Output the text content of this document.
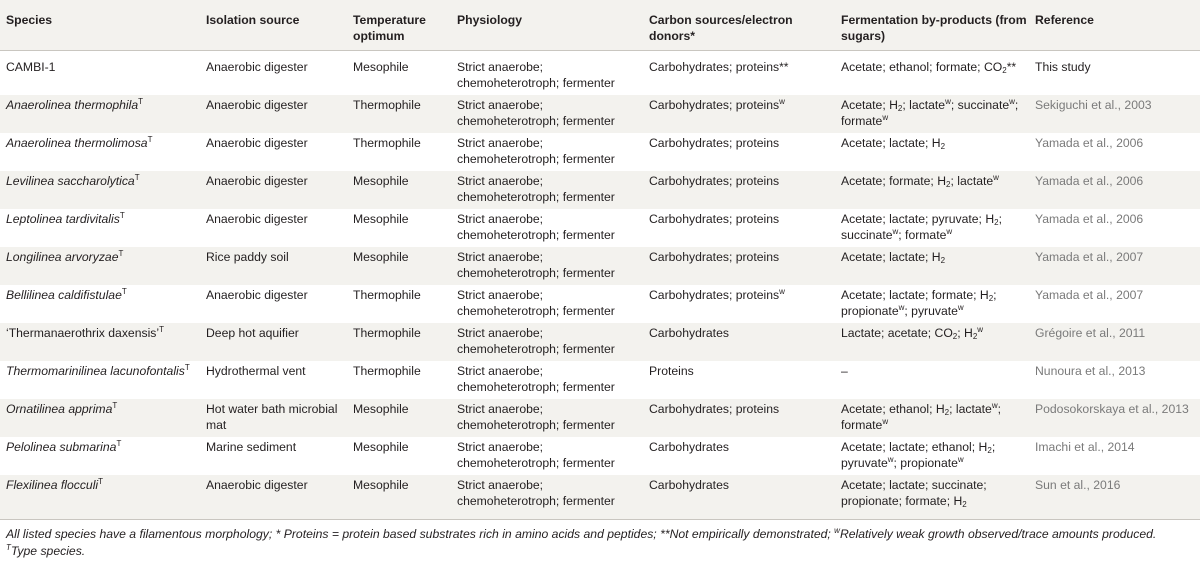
Species	Isolation source	Temperature optimum	Physiology	Carbon sources/electron donors*	Fermentation by-products (from sugars)	Reference
CAMBI-1	Anaerobic digester	Mesophile	Strict anaerobe; chemoheterotroph; fermenter	Carbohydrates; proteins**	Acetate; ethanol; formate; $CO_2**$	This study
Anaerolinea thermophila$^T$	Anaerobic digester	Thermophile	Strict anaerobe; chemoheterotroph; fermenter	Carbohydrates; proteins$^w$	Acetate; $H_2$; lactate$^w$; succinate$^w$; formate$^w$	Sekiguchi et al., 2003
Anaerolinea thermolimosa$^T$	Anaerobic digester	Thermophile	Strict anaerobe; chemoheterotroph; fermenter	Carbohydrates; proteins	Acetate; lactate; $H_2$	Yamada et al., 2006
Levilinea saccharolytica$^T$	Anaerobic digester	Mesophile	Strict anaerobe; chemoheterotroph; fermenter	Carbohydrates; proteins	Acetate; formate; $H_2$; lactate$^w$	Yamada et al., 2006
Leptolinea tardivitalis$^T$	Anaerobic digester	Mesophile	Strict anaerobe; chemoheterotroph; fermenter	Carbohydrates; proteins	Acetate; lactate; pyruvate; $H_2$; succinate$^w$; formate$^w$	Yamada et al., 2006
Longilinea arvoryzae$^T$	Rice paddy soil	Mesophile	Strict anaerobe; chemoheterotroph; fermenter	Carbohydrates; proteins	Acetate; lactate; $H_2$	Yamada et al., 2007
Bellilinea caldifistulae$^T$	Anaerobic digester	Thermophile	Strict anaerobe; chemoheterotroph; fermenter	Carbohydrates; proteins$^w$	Acetate; lactate; formate; $H_2$; propionate$^w$; pyruvate$^w$	Yamada et al., 2007
‘Thermanaerothrix daxensis’$^T$	Deep hot aquifier	Thermophile	Strict anaerobe; chemoheterotroph; fermenter	Carbohydrates	Lactate; acetate; $CO_2$; $H_2^w$	Grégoire et al., 2011
Thermomarinilinea lacunofontalis$^T$	Hydrothermal vent	Thermophile	Strict anaerobe; chemoheterotroph; fermenter	Proteins	–	Nunoura et al., 2013
Ornatilinea apprima$^T$	Hot water bath microbial mat	Mesophile	Strict anaerobe; chemoheterotroph; fermenter	Carbohydrates; proteins	Acetate; ethanol; $H_2$; lactate$^w$; formate$^w$	Podosokorskaya et al., 2013
Pelolinea submarina$^T$	Marine sediment	Mesophile	Strict anaerobe; chemoheterotroph; fermenter	Carbohydrates	Acetate; lactate; ethanol; $H_2$; pyruvate$^w$; propionate$^w$	Imachi et al., 2014
Flexilinea flocculi$^T$	Anaerobic digester	Mesophile	Strict anaerobe; chemoheterotroph; fermenter	Carbohydrates	Acetate; lactate; succinate; propionate; formate; $H_2$	Sun et al., 2016
All listed species have a filamentous morphology; * Proteins = protein based substrates rich in amino acids and peptides; **Not empirically demonstrated; $^w$Relatively weak growth observed/trace amounts produced.
$^T$Type species.
